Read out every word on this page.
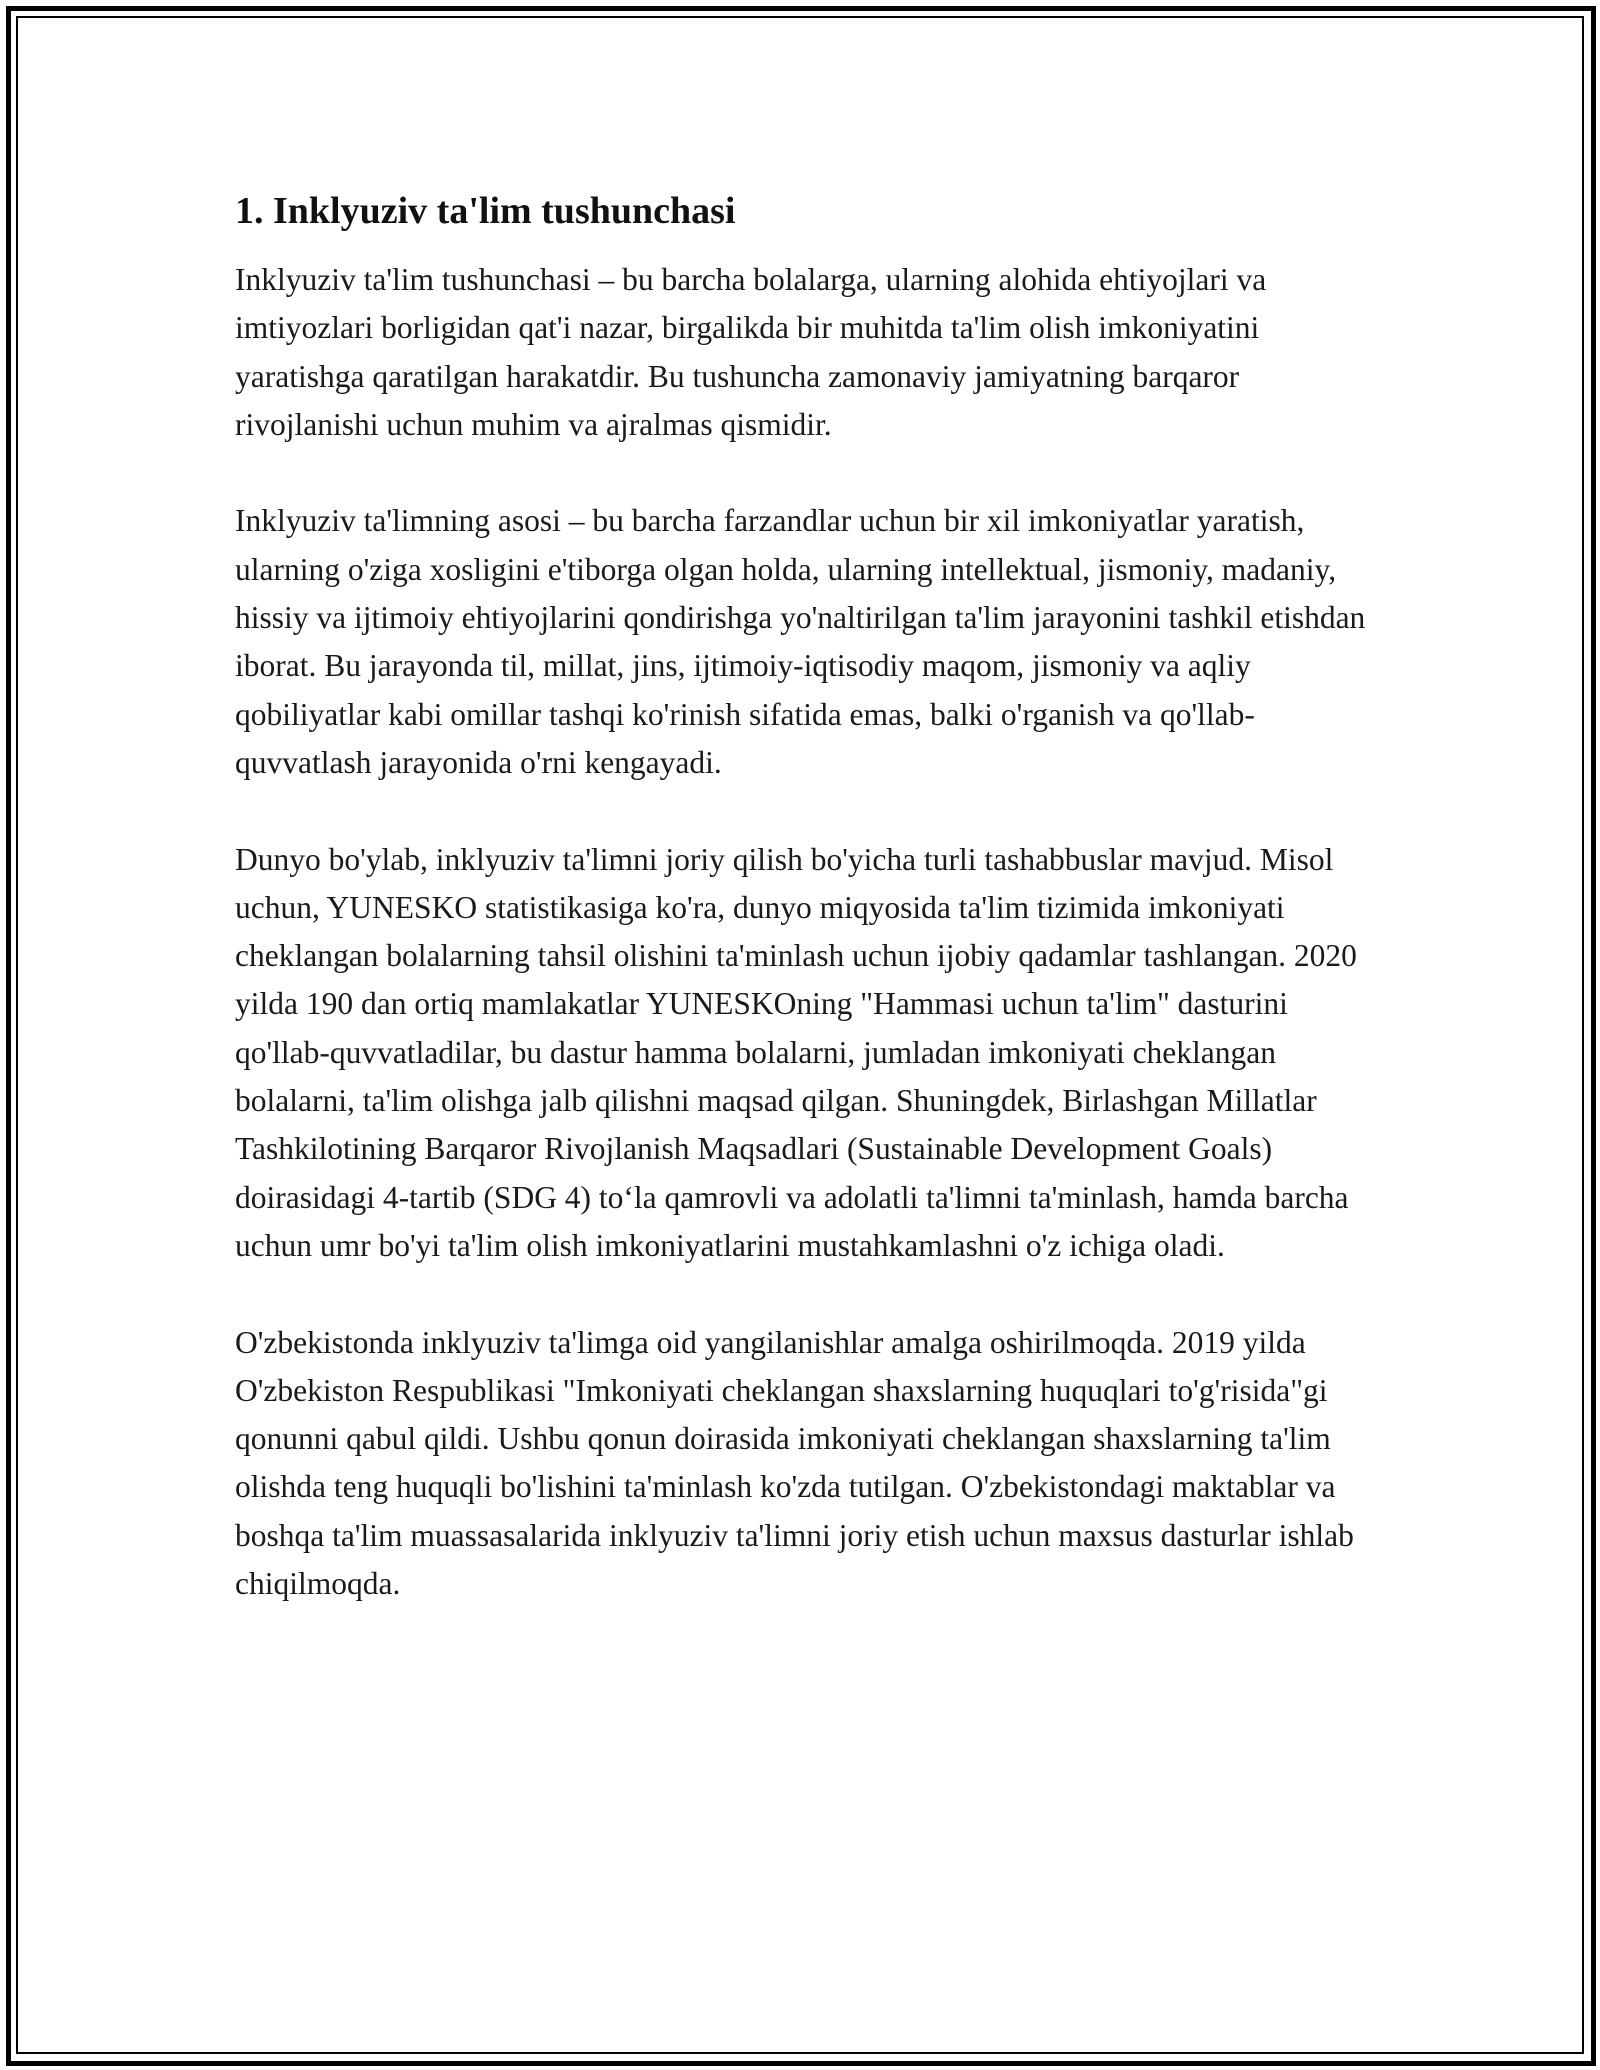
1. Inklyuziv ta'lim tushunchasi

Inklyuziv ta'lim tushunchasi – bu barcha bolalarga, ularning alohida ehtiyojlari va imtiyozlari borligidan qat'i nazar, birgalikda bir muhitda ta'lim olish imkoniyatini yaratishga qaratilgan harakatdir. Bu tushuncha zamonaviy jamiyatning barqaror rivojlanishi uchun muhim va ajralmas qismidir.

Inklyuziv ta'limning asosi – bu barcha farzandlar uchun bir xil imkoniyatlar yaratish, ularning o'ziga xosligini e'tiborga olgan holda, ularning intellektual, jismoniy, madaniy, hissiy va ijtimoiy ehtiyojlarini qondirishga yo'naltirilgan ta'lim jarayonini tashkil etishdan iborat. Bu jarayonda til, millat, jins, ijtimoiy-iqtisodiy maqom, jismoniy va aqliy qobiliyatlar kabi omillar tashqi ko'rinish sifatida emas, balki o'rganish va qo'llab-quvvatlash jarayonida o'rni kengayadi.

Dunyo bo'ylab, inklyuziv ta'limni joriy qilish bo'yicha turli tashabbuslar mavjud. Misol uchun, YUNESKO statistikasiga ko'ra, dunyo miqyosida ta'lim tizimida imkoniyati cheklangan bolalarning tahsil olishini ta'minlash uchun ijobiy qadamlar tashlangan. 2020 yilda 190 dan ortiq mamlakatlar YUNESKOning "Hammasi uchun ta'lim" dasturini qo'llab-quvvatladilar, bu dastur hamma bolalarni, jumladan imkoniyati cheklangan bolalarni, ta'lim olishga jalb qilishni maqsad qilgan. Shuningdek, Birlashgan Millatlar Tashkilotining Barqaror Rivojlanish Maqsadlari (Sustainable Development Goals) doirasidagi 4-tartib (SDG 4) to‘la qamrovli va adolatli ta'limni ta'minlash, hamda barcha uchun umr bo'yi ta'lim olish imkoniyatlarini mustahkamlashni o'z ichiga oladi.

O'zbekistonda inklyuziv ta'limga oid yangilanishlar amalga oshirilmoqda. 2019 yilda O'zbekiston Respublikasi "Imkoniyati cheklangan shaxslarning huquqlari to'g'risida"gi qonunni qabul qildi. Ushbu qonun doirasida imkoniyati cheklangan shaxslarning ta'lim olishda teng huquqli bo'lishini ta'minlash ko'zda tutilgan. O'zbekistondagi maktablar va boshqa ta'lim muassasalarida inklyuziv ta'limni joriy etish uchun maxsus dasturlar ishlab chiqilmoqda.
